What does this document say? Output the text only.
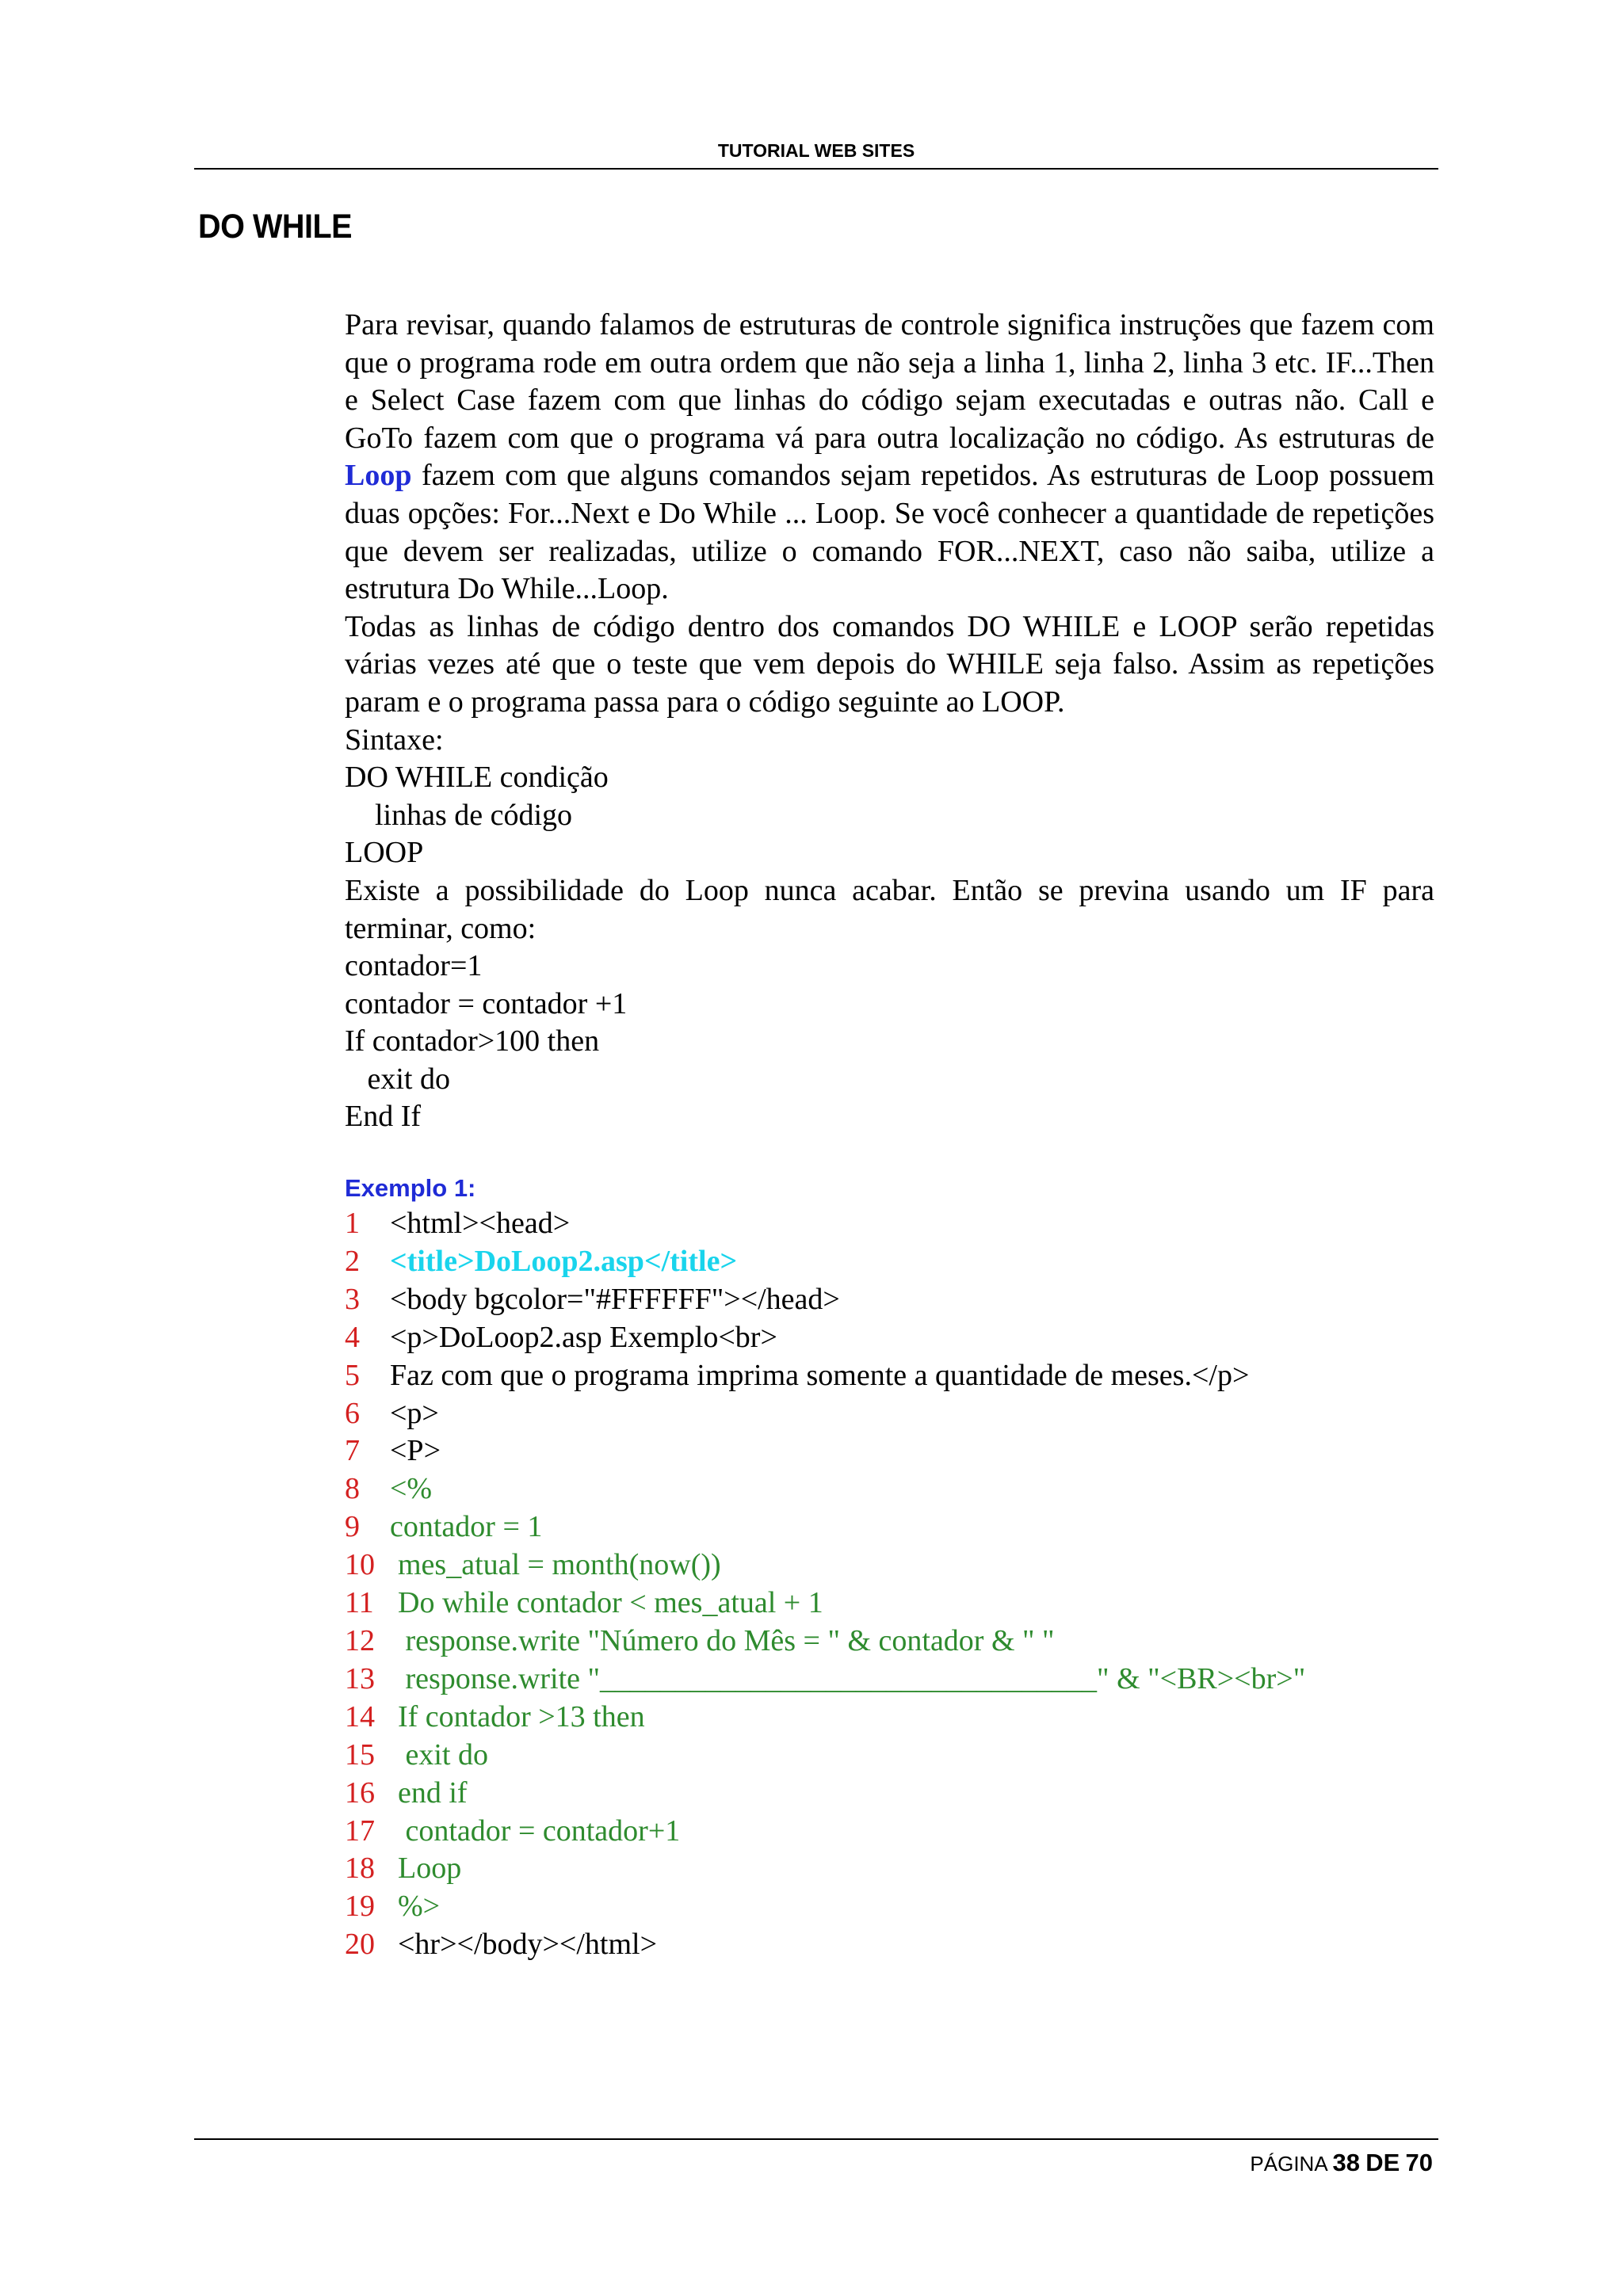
TUTORIAL WEB SITES
DO WHILE
Para revisar, quando falamos de estruturas de controle significa instruções que fazem com que o programa rode em outra ordem que não seja a linha 1, linha 2, linha 3 etc. IF...Then e Select Case fazem com que linhas do código sejam executadas e outras não. Call e GoTo fazem com que o programa vá para outra localização no código. As estruturas de Loop fazem com que alguns comandos sejam repetidos. As estruturas de Loop possuem duas opções: For...Next e Do While ... Loop. Se você conhecer a quantidade de repetições que devem ser realizadas, utilize o comando FOR...NEXT, caso não saiba, utilize a estrutura Do While...Loop.
Todas as linhas de código dentro dos comandos DO WHILE e LOOP serão repetidas várias vezes até que o teste que vem depois do WHILE seja falso. Assim as repetições param e o programa passa para o código seguinte ao LOOP.
Sintaxe:
DO WHILE condição
linhas de código
LOOP
Existe a possibilidade do Loop nunca acabar. Então se previna usando um IF para terminar, como:
contador=1
contador = contador +1
If contador>100 then
exit do
End If
Exemplo 1:
1	<html><head>
2	<title>DoLoop2.asp</title>
3	<body bgcolor="#FFFFFF"></head>
4	<p>DoLoop2.asp Exemplo<br>
5	Faz com que o programa imprima somente a quantidade de meses.</p>
6	<p>
7	<P>
8	<%
9	contador = 1
10 mes_atual = month(now())
11 Do while contador < mes_atual + 1
12 response.write "Número do Mês = " & contador & " "
13 response.write "_________________________________" & "<BR><br>"
14 If contador >13 then
15 exit do
16 end if
17 contador = contador+1
18 Loop
19 %>
20 <hr></body></html>
PÁGINA 38 DE 70
